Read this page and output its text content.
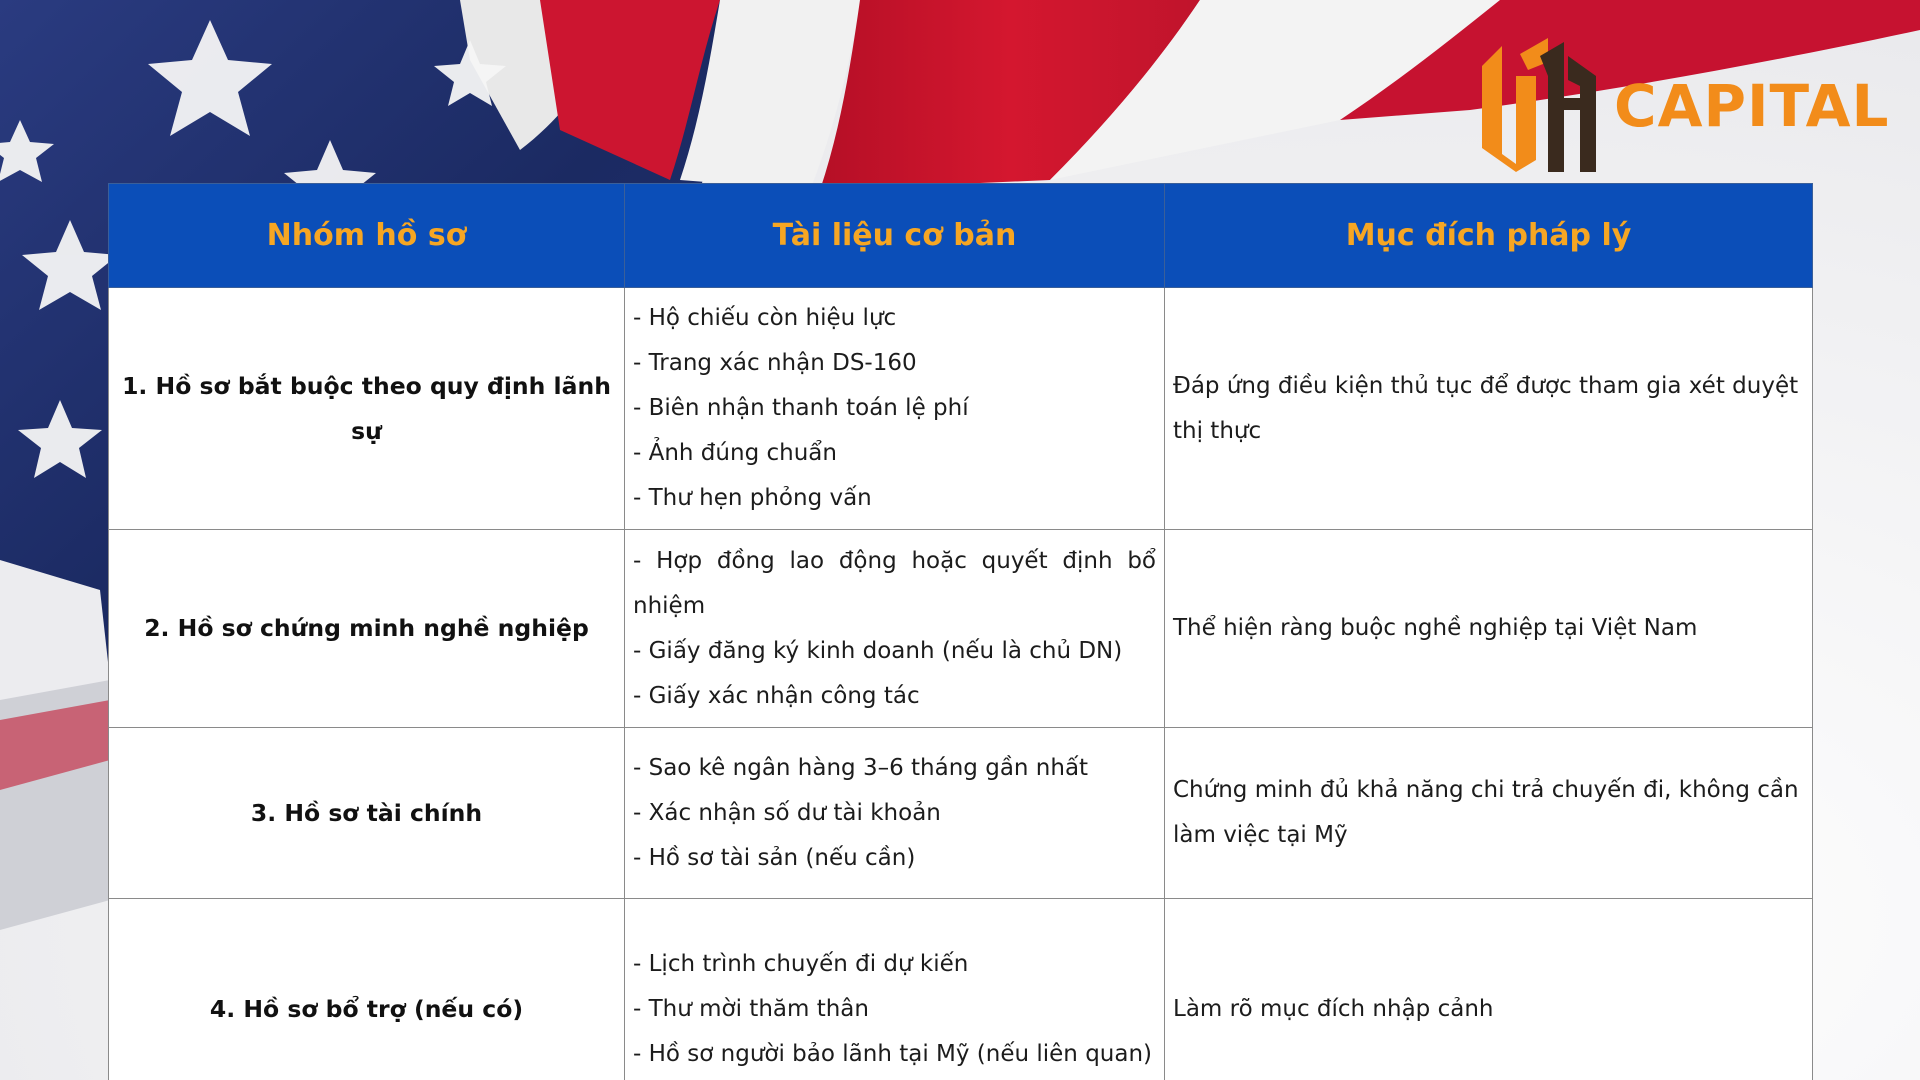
CAPITAL
Nhóm hồ sơ	Tài liệu cơ bản	Mục đích pháp lý
1. Hồ sơ bắt buộc theo quy định lãnh sự	- Hộ chiếu còn hiệu lực
- Trang xác nhận DS-160
- Biên nhận thanh toán lệ phí
- Ảnh đúng chuẩn
- Thư hẹn phỏng vấn	Đáp ứng điều kiện thủ tục để được tham gia xét duyệt thị thực
2. Hồ sơ chứng minh nghề nghiệp	- Hợp đồng lao động hoặc quyết định bổ nhiệm
- Giấy đăng ký kinh doanh (nếu là chủ DN)
- Giấy xác nhận công tác	Thể hiện ràng buộc nghề nghiệp tại Việt Nam
3. Hồ sơ tài chính	- Sao kê ngân hàng 3–6 tháng gần nhất
- Xác nhận số dư tài khoản
- Hồ sơ tài sản (nếu cần)	Chứng minh đủ khả năng chi trả chuyến đi, không cần làm việc tại Mỹ
4. Hồ sơ bổ trợ (nếu có)	- Lịch trình chuyến đi dự kiến
- Thư mời thăm thân
- Hồ sơ người bảo lãnh tại Mỹ (nếu liên quan)	Làm rõ mục đích nhập cảnh
